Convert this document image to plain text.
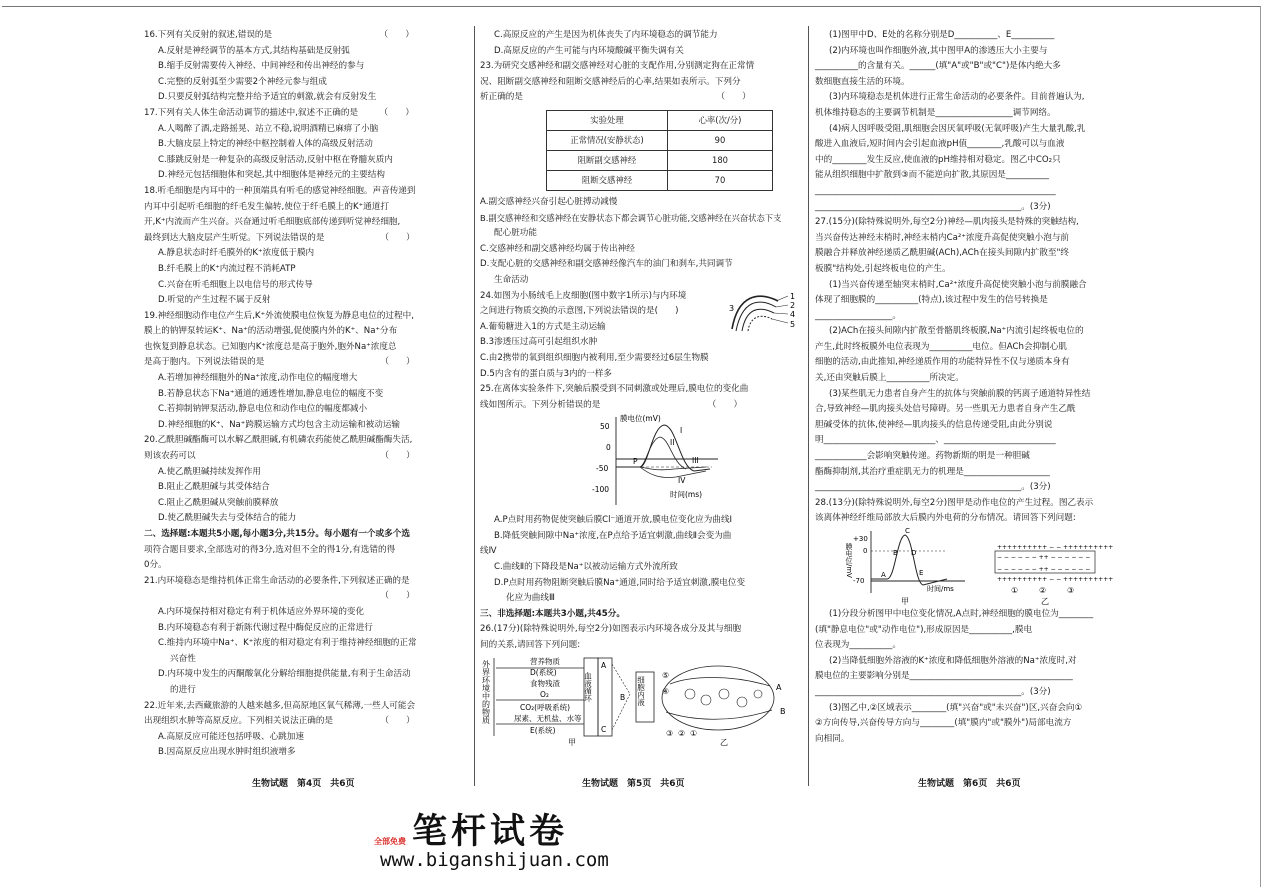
16.下列有关反射的叙述,错误的是　　　　　　　　　　　　　（　　）

A.反射是神经调节的基本方式,其结构基础是反射弧

B.缩手反射需要传入神经、中间神经和传出神经的参与

C.完整的反射弧至少需要2个神经元参与组成

D.只要反射弧结构完整并给予适宜的刺激,就会有反射发生

17.下列有关人体生命活动调节的描述中,叙述不正确的是　　　（　　）

A.人喝醉了酒,走路摇晃、站立不稳,说明酒精已麻痹了小脑

B.大脑皮层上特定的神经中枢控制着人体的高级反射活动

C.膝跳反射是一种复杂的高级反射活动,反射中枢在脊髓灰质内

D.神经元包括细胞体和突起,其中细胞体是神经元的主要结构

18.听毛细胞是内耳中的一种顶端具有听毛的感觉神经细胞。声音传递到

内耳中引起听毛细胞的纤毛发生偏转,使位于纤毛膜上的K⁺通道打

开,K⁺内流而产生兴奋。兴奋通过听毛细胞底部传递到听觉神经细胞,

最终到达大脑皮层产生听觉。下列说法错误的是　　　　　　　（　　）

A.静息状态时纤毛膜外的K⁺浓度低于膜内

B.纤毛膜上的K⁺内流过程不消耗ATP

C.兴奋在听毛细胞上以电信号的形式传导

D.听觉的产生过程不属于反射

19.神经细胞动作电位产生后,K⁺外流使膜电位恢复为静息电位的过程中,

膜上的钠钾泵转运K⁺、Na⁺的活动增强,促使膜内外的K⁺、Na⁺分布

也恢复到静息状态。已知胞内K⁺浓度总是高于胞外,胞外Na⁺浓度总

是高于胞内。下列说法错误的是　　　　　　　　　　　　　　（　　）

A.若增加神经细胞外的Na⁺浓度,动作电位的幅度增大

B.若静息状态下Na⁺通道的通透性增加,静息电位的幅度不变

C.若抑制钠钾泵活动,静息电位和动作电位的幅度都减小

D.神经细胞的K⁺、Na⁺跨膜运输方式均包含主动运输和被动运输

20.乙酰胆碱酯酶可以水解乙酰胆碱,有机磷农药能使乙酰胆碱酯酶失活,

则该农药可以　　　　　　　　　　　　　　　　　　　　　　（　　）

A.使乙酰胆碱持续发挥作用

B.阻止乙酰胆碱与其受体结合

C.阻止乙酰胆碱从突触前膜释放

D.使乙酰胆碱失去与受体结合的能力

二、选择题:本题共5小题,每小题3分,共15分。每小题有一个或多个选

项符合题目要求,全部选对的得3分,选对但不全的得1分,有选错的得

0分。

21.内环境稳态是维持机体正常生命活动的必要条件,下列叙述正确的是

　　　　　　　　　　　　　　　　　　　　　　　　　　　　（　　）

A.内环境保持相对稳定有利于机体适应外界环境的变化

B.内环境稳态有利于新陈代谢过程中酶促反应的正常进行

C.维持内环境中Na⁺、K⁺浓度的相对稳定有利于维持神经细胞的正常

兴奋性

D.内环境中发生的丙酮酸氧化分解给细胞提供能量,有利于生命活动

的进行

22.近年来,去西藏旅游的人越来越多,但高原地区氧气稀薄,一些人可能会

出现组织水肿等高原反应。下列相关说法正确的是　　　　　　（　　）

A.高原反应可能还包括呼吸、心跳加速

B.因高原反应出现水肿时组织液增多

C.高原反应的产生是因为机体丧失了内环境稳态的调节能力

D.高原反应的产生可能与内环境酸碱平衡失调有关

23.为研究交感神经和副交感神经对心脏的支配作用,分别测定狗在正常情

况、阻断副交感神经和阻断交感神经后的心率,结果如表所示。下列分

析正确的是　　　　　　　　　　　　　　　　　　　　　　　（　　）

实验处理	心率(次/分)
正常情况(安静状态)	90
阻断副交感神经	180
阻断交感神经	70

A.副交感神经兴奋引起心脏搏动减慢

B.副交感神经和交感神经在安静状态下都会调节心脏功能,交感神经在兴奋状态下支

配心脏功能

C.交感神经和副交感神经均属于传出神经

D.支配心脏的交感神经和副交感神经像汽车的油门和刹车,共同调节

生命活动

24.如图为小肠绒毛上皮细胞(图中数字1所示)与内环境

之间进行物质交换的示意图,下列说法错误的是(　　)

A.葡萄糖进入1的方式是主动运输

B.3渗透压过高可引起组织水肿

C.由2携带的氧到组织细胞内被利用,至少需要经过6层生物膜

D.5内含有的蛋白质与3内的一样多

1
2
3
4
5

25.在离体实验条件下,突触后膜受到不同刺激或处理后,膜电位的变化曲

线如图所示。下列分析错误的是　　　　　　　　　　　　　（　　）

膜电位(mV)
50
0
-50
-100
P
I
II
III
IV
时间(ms)

A.P点时用药物促使突触后膜Cl⁻通道开放,膜电位变化应为曲线Ⅰ

B.降低突触间隙中Na⁺浓度,在P点给予适宜刺激,曲线Ⅱ会变为曲

线Ⅳ

C.曲线Ⅱ的下降段是Na⁺以被动运输方式外流所致

D.P点时用药物阻断突触后膜Na⁺通道,同时给予适宜刺激,膜电位变

化应为曲线Ⅲ

三、非选择题:本题共3小题,共45分。

26.(17分)(除特殊说明外,每空2分)如图表示内环境各成分及其与细胞

间的关系,请回答下列问题:

外界环境中的物质	营养物质
D(系统)
食物残渣
O₂
CO₂(呼吸系统)
尿素、无机盐、水等
E(系统)
血液循环
A
B
C
细胞内液
甲
⑤
④
③ ② ①
A
B
乙

(1)图甲中D、E处的名称分别是D__________、E__________

(2)内环境也叫作细胞外液,其中图甲A的渗透压大小主要与

__________的含量有关。______(填"A"或"B"或"C")是体内绝大多

数细胞直接生活的环境。

(3)内环境稳态是机体进行正常生命活动的必要条件。目前普遍认为,

机体维持稳态的主要调节机制是__________________调节网络。

(4)病人因呼吸受阻,肌细胞会因厌氧呼吸(无氧呼吸)产生大量乳酸,乳

酸进入血液后,短时间内会引起血液pH值________,乳酸可以与血液

中的________发生反应,使血液的pH维持相对稳定。图乙中CO₂只

能从组织细胞中扩散到③而不能逆向扩散,其原因是__________

________________________________________________________

________________________________________________。(3分)

27.(15分)(除特殊说明外,每空2分)神经—肌肉接头是特殊的突触结构,

当兴奋传达神经末梢时,神经末梢内Ca²⁺浓度升高促使突触小泡与前

膜融合并释放神经递质乙酰胆碱(ACh),ACh在接头间隙内扩散至"终

板膜"结构处,引起终板电位的产生。

(1)当兴奋传递至轴突末梢时,Ca²⁺浓度升高促使突触小泡与前膜融合

体现了细胞膜的__________(特点),该过程中发生的信号转换是

__________________。

(2)ACh在接头间隙内扩散至骨骼肌终板膜,Na⁺内流引起终板电位的

产生,此时终板膜外电位表现为__________电位。但ACh会抑制心肌

细胞的活动,由此推知,神经递质作用的功能特异性不仅与递质本身有

关,还由突触后膜上__________所决定。

(3)某些肌无力患者自身产生的抗体与突触前膜的钙离子通道特异性结

合,导致神经—肌肉接头处信号障碍。另一些肌无力患者自身产生乙酰

胆碱受体的抗体,使神经—肌肉接头的信息传递受阻,由此分别说

明__________________________、__________________________

____________会影响突触传递。药物新斯的明是一种胆碱

酯酶抑制剂,其治疗重症肌无力的机理是____________________

________________________________________________。(3分)

28.(13分)(除特殊说明外,每空2分)图甲是动作电位的产生过程。图乙表示

该离体神经纤维局部放大后膜内外电荷的分布情况。请回答下列问题:

膜电位/mV
+30
0
-70
A
B
C
D
E
时间/ms
甲
++++++++++ − − ++++++++++
− − − − − − ++ − − − − − −
− − − − − − ++ − − − − − −
++++++++++ − − ++++++++++
①	②	③
乙

(1)分段分析图甲中电位变化情况,A点时,神经细胞的膜电位为________

(填"静息电位"或"动作电位"),形成原因是__________,膜电

位表现为__________。

(2)当降低细胞外溶液的K⁺浓度和降低细胞外溶液的Na⁺浓度时,对

膜电位的主要影响分别是______________________________________

________________________________________________。(3分)

(3)图乙中,②区域表示________(填"兴奋"或"未兴奋")区,兴奋会向①

②方向传导,兴奋传导方向与________(填"膜内"或"膜外")局部电流方

向相同。

生物试题　第4页　共6页	生物试题　第5页　共6页	生物试题　第6页　共6页
笔杆试卷
全部免费
www.biganshijuan.com
